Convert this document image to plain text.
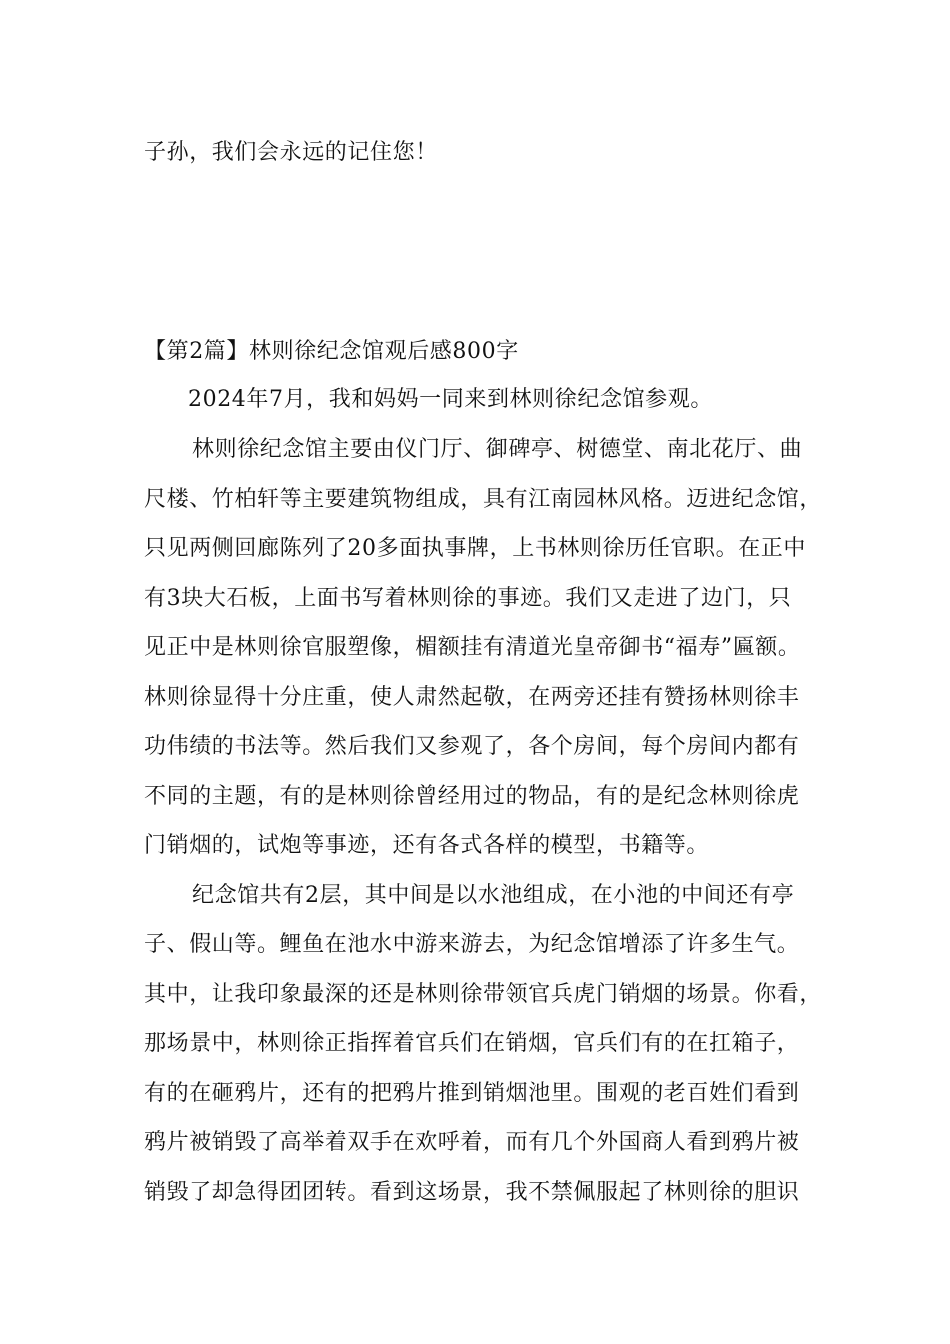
子孙，我们会永远的记住您！
【第2篇】林则徐纪念馆观后感800字
2024年7月，我和妈妈一同来到林则徐纪念馆参观。
林则徐纪念馆主要由仪门厅、御碑亭、树德堂、南北花厅、曲
尺楼、竹柏轩等主要建筑物组成，具有江南园林风格。迈进纪念馆，
只见两侧回廊陈列了20多面执事牌，上书林则徐历任官职。在正中
有3块大石板，上面书写着林则徐的事迹。我们又走进了边门，只
见正中是林则徐官服塑像，楣额挂有清道光皇帝御书“福寿”匾额。
林则徐显得十分庄重，使人肃然起敬，在两旁还挂有赞扬林则徐丰
功伟绩的书法等。然后我们又参观了，各个房间，每个房间内都有
不同的主题，有的是林则徐曾经用过的物品，有的是纪念林则徐虎
门销烟的，试炮等事迹，还有各式各样的模型，书籍等。
纪念馆共有2层，其中间是以水池组成，在小池的中间还有亭
子、假山等。鲤鱼在池水中游来游去，为纪念馆增添了许多生气。
其中，让我印象最深的还是林则徐带领官兵虎门销烟的场景。你看，
那场景中，林则徐正指挥着官兵们在销烟，官兵们有的在扛箱子，
有的在砸鸦片，还有的把鸦片推到销烟池里。围观的老百姓们看到
鸦片被销毁了高举着双手在欢呼着，而有几个外国商人看到鸦片被
销毁了却急得团团转。看到这场景，我不禁佩服起了林则徐的胆识
